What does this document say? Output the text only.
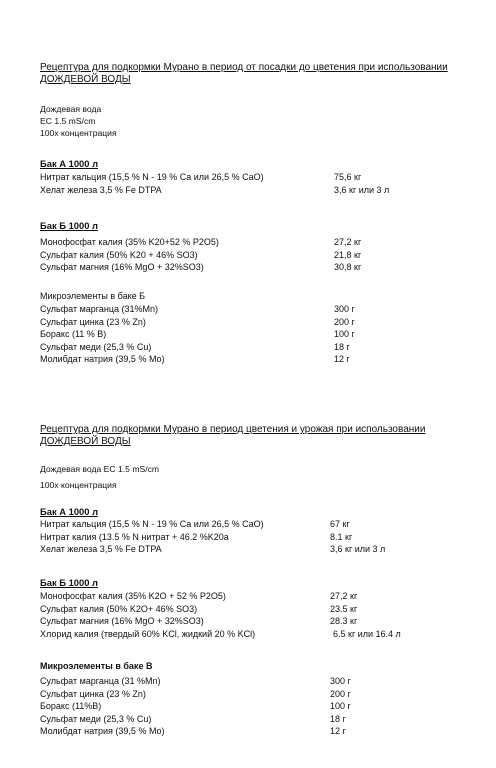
Рецептура для подкормки Мурано в период от посадки до цветения при использовании ДОЖДЕВОЙ ВОДЫ
Дождевая вода
EC 1.5 mS/cm
100х концентрация
Бак А 1000 л
Нитрат кальция (15,5 % N - 19 % Ca или 26,5 % CaO)	75,6 кг
Хелат железа 3,5 % Fe DTPA	3,6 кг или 3 л
Бак Б 1000 л
Монофосфат калия (35% K20+52 % P2O5)	27,2 кг
Сульфат калия (50% K20 + 46% SO3)	21,8 кг
Сульфат магния (16% MgO + 32%SO3)	30,8 кг
Микроэлементы в баке Б
Сульфат марганца (31%Mn)	300 г
Сульфат цинка (23 % Zn)	200 г
Боракс (11 % B)	100 г
Сульфат меди (25,3 % Cu)	18 г
Молибдат натрия (39,5 % Mo)	12 г
Рецептура для подкормки Мурано в период цветения и урожая при использовании ДОЖДЕВОЙ ВОДЫ
Дождевая вода EC 1.5 mS/cm
100х концентрация
Бак А 1000 л
Нитрат кальция (15,5 % N - 19 % Ca или 26,5 % CaO)	67 кг
Нитрат калия (13.5 % N нитрат + 46.2 %K20a	8.1 кг
Хелат железа 3,5 % Fe DTPA	3,6 кг или 3 л
Бак Б 1000 л
Монофосфат калия (35% K2O + 52 % P2O5)	27,2 кг
Сульфат калия (50% K2O+ 46% SO3)	23.5 кг
Сульфат магния (16% MgO + 32%SO3)	28.3 кг
Хлорид калия (твердый 60% KCl, жидкий 20 % KCl)	6.5 кг или 16.4 л
Микроэлементы в баке В
Сульфат марганца (31 %Mn)	300 г
Сульфат цинка (23 % Zn)	200 г
Боракс (11%B)	100 г
Сульфат меди (25,3 % Cu)	18 г
Молибдат натрия (39,5 % Mo)	12 г
